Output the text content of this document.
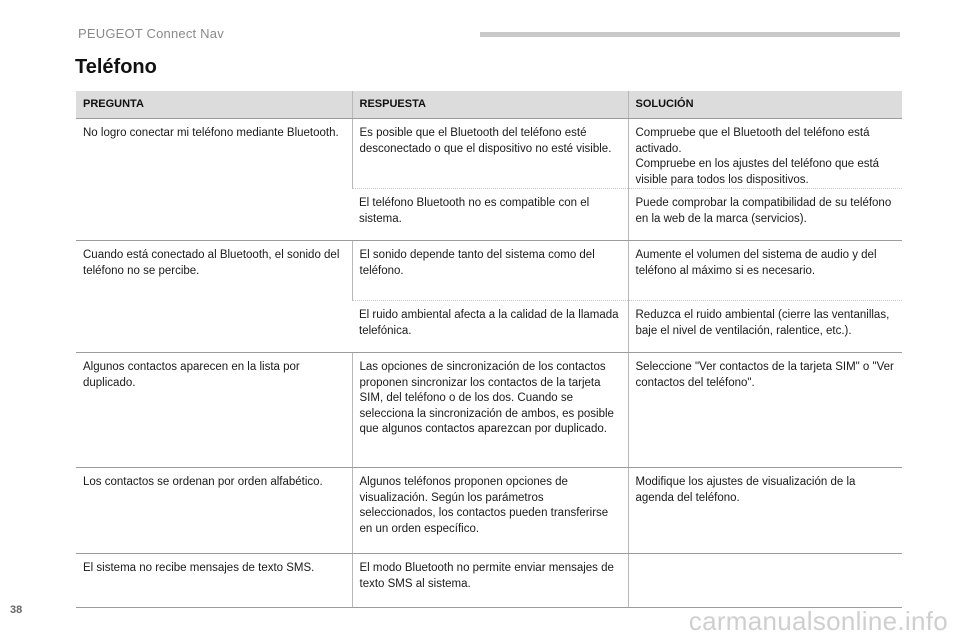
PEUGEOT Connect Nav
Teléfono
PREGUNTA	RESPUESTA	SOLUCIÓN
No logro conectar mi teléfono mediante Bluetooth.	Es posible que el Bluetooth del teléfono esté desconectado o que el dispositivo no esté visible.	Compruebe que el Bluetooth del teléfono está activado.
Compruebe en los ajustes del teléfono que está visible para todos los dispositivos.
	El teléfono Bluetooth no es compatible con el sistema.	Puede comprobar la compatibilidad de su teléfono en la web de la marca (servicios).
Cuando está conectado al Bluetooth, el sonido del teléfono no se percibe.	El sonido depende tanto del sistema como del teléfono.	Aumente el volumen del sistema de audio y del teléfono al máximo si es necesario.
	El ruido ambiental afecta a la calidad de la llamada telefónica.	Reduzca el ruido ambiental (cierre las ventanillas, baje el nivel de ventilación, ralentice, etc.).
Algunos contactos aparecen en la lista por duplicado.	Las opciones de sincronización de los contactos proponen sincronizar los contactos de la tarjeta SIM, del teléfono o de los dos. Cuando se selecciona la sincronización de ambos, es posible que algunos contactos aparezcan por duplicado.	Seleccione "Ver contactos de la tarjeta SIM" o "Ver contactos del teléfono".
Los contactos se ordenan por orden alfabético.	Algunos teléfonos proponen opciones de visualización. Según los parámetros seleccionados, los contactos pueden transferirse en un orden específico.	Modifique los ajustes de visualización de la agenda del teléfono.
El sistema no recibe mensajes de texto SMS.	El modo Bluetooth no permite enviar mensajes de texto SMS al sistema.	
38	carmanualsonline.info
